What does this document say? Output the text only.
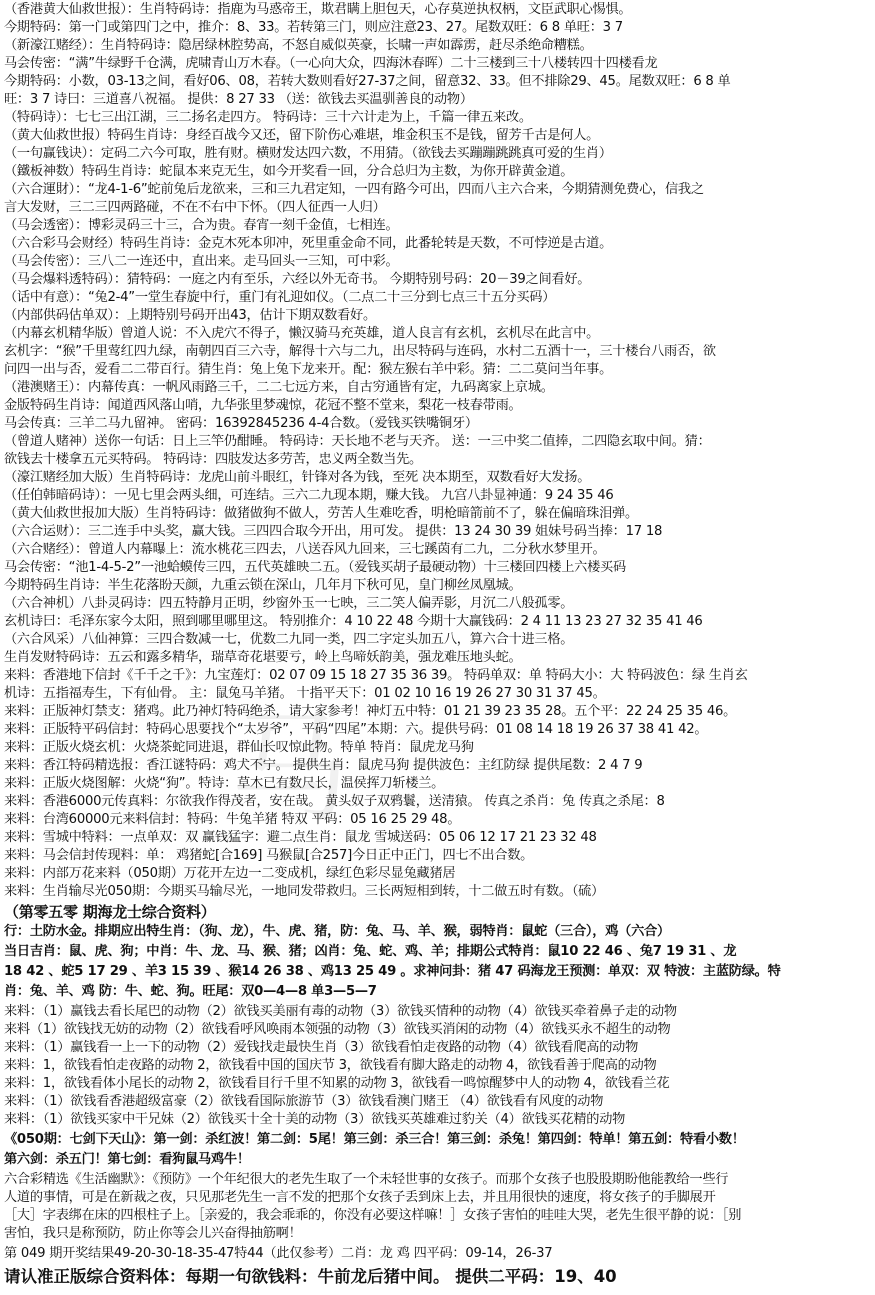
马
（香港黄大仙救世报）：生肖特码诗：指鹿为马惑帝王，欺君瞒上胆包天，心存莫逆执权柄，文臣武职心惕惧。
今期特码：第一门或第四门之中，推介：8、33。若转第三门，则应注意23、27。尾数双旺：6 8 单旺：3 7
（新濠江赌经）：生肖特码诗：隐居绿林腔势高，不怒自威似英豪，长啸一声如霹雳，赶尽杀绝命糟糕。
马会传密：“满”牛绿野千仓满，虎啸青山万木春。（一心向大众，四海沐春晖）二十三楼到三十八楼转四十四楼看龙
今期特码：小数，03-13之间，看好06、08，若转大数则看好27-37之间，留意32、33。但不排除29、45。尾数双旺：6 8 单
旺：3 7 诗曰：三道喜八祝福。 提供：8 27 33 （送：欲钱去买温驯善良的动物）
（特码诗）：七七三出江湖，三二扬名走四方。 特码诗：三十六计走为上，千篇一律五来改。
（黄大仙救世报）特码生肖诗：身经百战今又还，留下阶伤心难堪，堆金积玉不是钱，留芳千古是何人。
（一句赢钱诀）：定码二六今可取，胜有财。横财发达四六数，不用猜。（欲钱去买蹦蹦跳跳真可爱的生肖）
（鐵板神数）特码生肖诗：蛇鼠本来克无生，如今开奖看一回，分合总归为主数，为你开辟黄金道。
（六合運財）：“龙4-1-6”蛇前兔后龙欲来，三和三九君定知，一四有路今可出，四而八主六合来，今期猜测免费心，信我之
言大发财，三二三四两路碰，不在不右中下怀。（四人征西一人归）
（马会透密）：博彩灵码三十三，合为贵。春宵一刻千金值，七相连。
（六合彩马会财经）特码生肖诗：金克木死本卯冲，死里重金命不同，此番轮转是天数，不可悖逆是古道。
（马会传密）：三八二一连还中，直出来。走马回头一三知，可中彩。
（马会爆料透特码）：猜特码：一庭之内有至乐，六经以外无奇书。 今期特别号码：20－39之间看好。
（话中有意）：“兔2-4”一堂生春旋中行，重门有礼迎如仪。（二点二十三分到七点三十五分买码）
（内部供码估单双）：上期特别号码开出43，估计下期双数看好。
（内幕玄机精华版）曾道人说：不入虎穴不得子，懒汉骑马充英雄，道人良言有玄机，玄机尽在此言中。
玄机字：“猴”千里莺红四九绿，南朝四百三六寺，解得十六与二九，出尽特码与连码，水村二五酒十一，三十楼台八雨否，欲
问四一出与否，爱看二二带百行。猜生肖：兔上兔下龙来开。配：猴左猴右羊中彩。猜：二二莫问当年事。
（港澳赌王）：内幕传真：一帆风雨路三千，二二七远方来，自古穷通皆有定，九码离家上京城。
金版特码生肖诗：闻道西风落山哨，九华张里梦魂惊，花冠不整不堂来，梨花一枝春带雨。
马会传真：三羊二马九留神。 密码：16392845236 4-4合数。（爱钱买铁嘴铜牙）
（曾道人赌神）送你一句话：日上三竿仍酣睡。 特码诗：天长地不老与天齐。 送：一三中奖二值捧，二四隐玄取中间。猜：
欲钱去十楼拿五元买特码。 特码诗：四肢发达多劳苦，忠义两全数当先。
（濠江赌经加大版）生肖特码诗：龙虎山前斗眼红，针锋对各为钱，至死 决本期至，双数看好大发扬。
（任伯韩暗码诗）：一见七里会两头细，可连结。三六二九现本期，赚大钱。 九宫八卦显神通：9 24 35 46
（黄大仙救世报加大版）生肖特码诗：做猪做狗不做人，劳苦人生难吃香，明枪暗箭前不了，躲在偏暗珠泪弹。
（六合运财）：三二连手中头奖，赢大钱。三四四合取今开出，用可发。 提供：13 24 30 39 姐妹号码当捧：17 18
（六合赌经）：曾道人内幕曝上：流水桃花三四去，八送吞风九回来，三七蹊茵有二九，二分秋水梦里开。
马会传密：“池1-4-5-2”一池蛤蟆传三四，五代英雄映二五。（爱钱买胡子最硬动物）十三楼回四楼上六楼买码
今期特码生肖诗：半生花落盼天颜，九重云锁在深山，几年月下秋可见，皇门柳丝凤凰城。
（六合神机）八卦灵码诗：四五特静月正明，纱窗外玉一七映，三二笑人偏弄影，月沉二八般孤零。
玄机诗曰：毛泽东家今太阳，照到哪里哪里这。 特别推介：4 10 22 48 今期十大赢钱码：2 4 11 13 23 27 32 35 41 46
（六合风采）八仙神算：三四合数减一七，优数二九同一类，四二字定头加五八，算六合十进三格。
生肖发财特码诗：五云和露多精华，瑞草奇花堪要亏，岭上鸟啼妖韵美，强龙难压地头蛇。
来料：香港地下信封《千千之千》：九宝莲灯：02 07 09 15 18 27 35 36 39。 特码单双：单 特码大小：大 特码波色：绿 生肖玄
机诗：五指福寿生，下有仙骨。 主：鼠兔马羊猪。 十指平天下：01 02 10 16 19 26 27 30 31 37 45。
来料：正版神灯禁支：猪鸡。此乃神灯特码绝杀，请大家参考！神灯五中特：01 21 39 23 35 28。五个平：22 24 25 35 46。
来料：正版特平码信封：特码心思要找个“太岁爷”，平码“四尾”本期：六。提供号码：01 08 14 18 19 26 37 38 41 42。
来料：正版火烧玄机：火烧茶蛇同进退，群仙长叹惊此物。特单 特肖：鼠虎龙马狗
来料：香江特码精选报：香江谜特码：鸡犬不宁。 提供生肖：鼠虎马狗 提供波色：主红防绿 提供尾数：2 4 7 9
来料：正版火烧图解：火烧“狗”。特诗：草木已有数尺长，温侯挥刀斩楼兰。
来料：香港6000元传真料：尔欲我作得茂者，安在哉。 黄头奴子双鸦鬟，送清猿。 传真之杀肖：兔 传真之杀尾：8
来料：台湾60000元来料信封：特码：牛兔羊猪 特双 平码：05 16 25 29 48。
来料：雪城中特料：一点单双：双 赢钱猛字：避二点生肖：鼠龙 雪城送码：05 06 12 17 21 23 32 48
来料：马会信封传现料：单： 鸡猪蛇[合169] 马猴鼠[合257]今日正中正门，四七不出合数。
来料：内部万花来料（050期）万花开左边一二变成机，绿红色彩尽显兔藏猪居
来料：生肖输尽光050期：今期买马输尽光，一地同发带救归。三长两短相到转，十二做五时有数。（硫）
（第零五零 期海龙士综合资料）
行：土防水金。排期应出特生肖：（狗、龙），牛、虎、猪，防：兔、马、羊、猴，弱特肖：鼠蛇（三合），鸡（六合）
当日吉肖：鼠、虎、狗；中肖：牛、龙、马、猴、猪；凶肖：兔、蛇、鸡、羊；排期公式特肖：鼠10 22 46 、兔7 19 31 、龙
18 42 、蛇5 17 29 、羊3 15 39 、猴14 26 38 、鸡13 25 49 。求神问卦：猪 47 码海龙王预测：单双：双 特波：主蓝防绿。特
肖：兔、羊、鸡 防：牛、蛇、狗。旺尾：双0—4—8 单3—5—7
来料：（1）赢钱去看长尾巴的动物（2）欲钱买美丽有毒的动物（3）欲钱买情种的动物（4）欲钱买牵着鼻子走的动物
来料（1）欲钱找无妨的动物（2）欲钱看呼风唤雨本领强的动物（3）欲钱买消闲的动物（4）欲钱买永不超生的动物
来料：（1）赢钱看一上一下的动物（2）爱钱找走最快生肖（3）欲钱看怕走夜路的动物（4）欲钱看爬高的动物
来料：1，欲钱看怕走夜路的动物 2，欲钱看中国的国庆节 3，欲钱看有脚大路走的动物 4，欲钱看善于爬高的动物
来料：1，欲钱看体小尾长的动物 2，欲钱看目行千里不知累的动物 3，欲钱看一鸣惊醒梦中人的动物 4，欲钱看兰花
来料：（1）欲钱看香港超级富豪（2）欲钱看国际旅游节（3）欲钱看澳门赌王 （4）欲钱看有风度的动物
来料：（1）欲钱买家中干兄妹（2）欲钱买十全十美的动物（3）欲钱买英雄难过豹关（4）欲钱买花精的动物
《050期：七剑下天山》：第一剑：杀红波！第二剑：5尾！第三剑：杀三合！第三剑：杀兔！第四剑：特单！第五剑：特看小数！
第六剑：杀五门！第七剑：看狗鼠马鸡牛！
六合彩精选《生活幽默》：《预防》一个年纪很大的老先生取了一个未轻世事的女孩子。而那个女孩子也股股期盼他能教给一些行
人道的事情，可是在新裁之夜，只见那老先生一言不发的把那个女孩子丢到床上去，并且用很快的速度，将女孩子的手脚展开
［大］字表绑在床的四根柱子上。［亲爱的，我会乖乖的，你没有必要这样嘛！］女孩子害怕的哇哇大哭，老先生很平静的说：［别
害怕，我只是称预防，防止你等会儿兴奋得抽筋啊！
第 049 期开奖结果49-20-30-18-35-47特44（此仅参考）二肖：龙 鸡 四平码：09-14，26-37
请认准正版综合资料体：每期一句欲钱料：牛前龙后猪中间。 提供二平码：19、40
